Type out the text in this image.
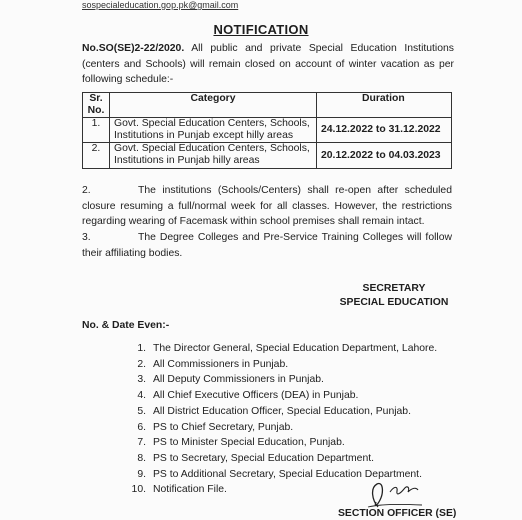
sospecialeducation.gop.pk@gmail.com
NOTIFICATION
No.SO(SE)2-22/2020. All public and private Special Education Institutions (centers and Schools) will remain closed on account of winter vacation as per following schedule:-
Sr.
No.	Category	Duration
1.	Govt. Special Education Centers, Schools, Institutions in Punjab except hilly areas	24.12.2022 to 31.12.2022
2.	Govt. Special Education Centers, Schools, Institutions in Punjab hilly areas	20.12.2022 to 04.03.2023
2.	The institutions (Schools/Centers) shall re-open after scheduled closure resuming a full/normal week for all classes. However, the restrictions regarding wearing of Facemask within school premises shall remain intact.
3.	The Degree Colleges and Pre-Service Training Colleges will follow their affiliating bodies.
SECRETARY
SPECIAL EDUCATION
No. & Date Even:-
1. The Director General, Special Education Department, Lahore.
2. All Commissioners in Punjab.
3. All Deputy Commissioners in Punjab.
4. All Chief Executive Officers (DEA) in Punjab.
5. All District Education Officer, Special Education, Punjab.
6. PS to Chief Secretary, Punjab.
7. PS to Minister Special Education, Punjab.
8. PS to Secretary, Special Education Department.
9. PS to Additional Secretary, Special Education Department.
10. Notification File.
SECTION OFFICER (SE)
